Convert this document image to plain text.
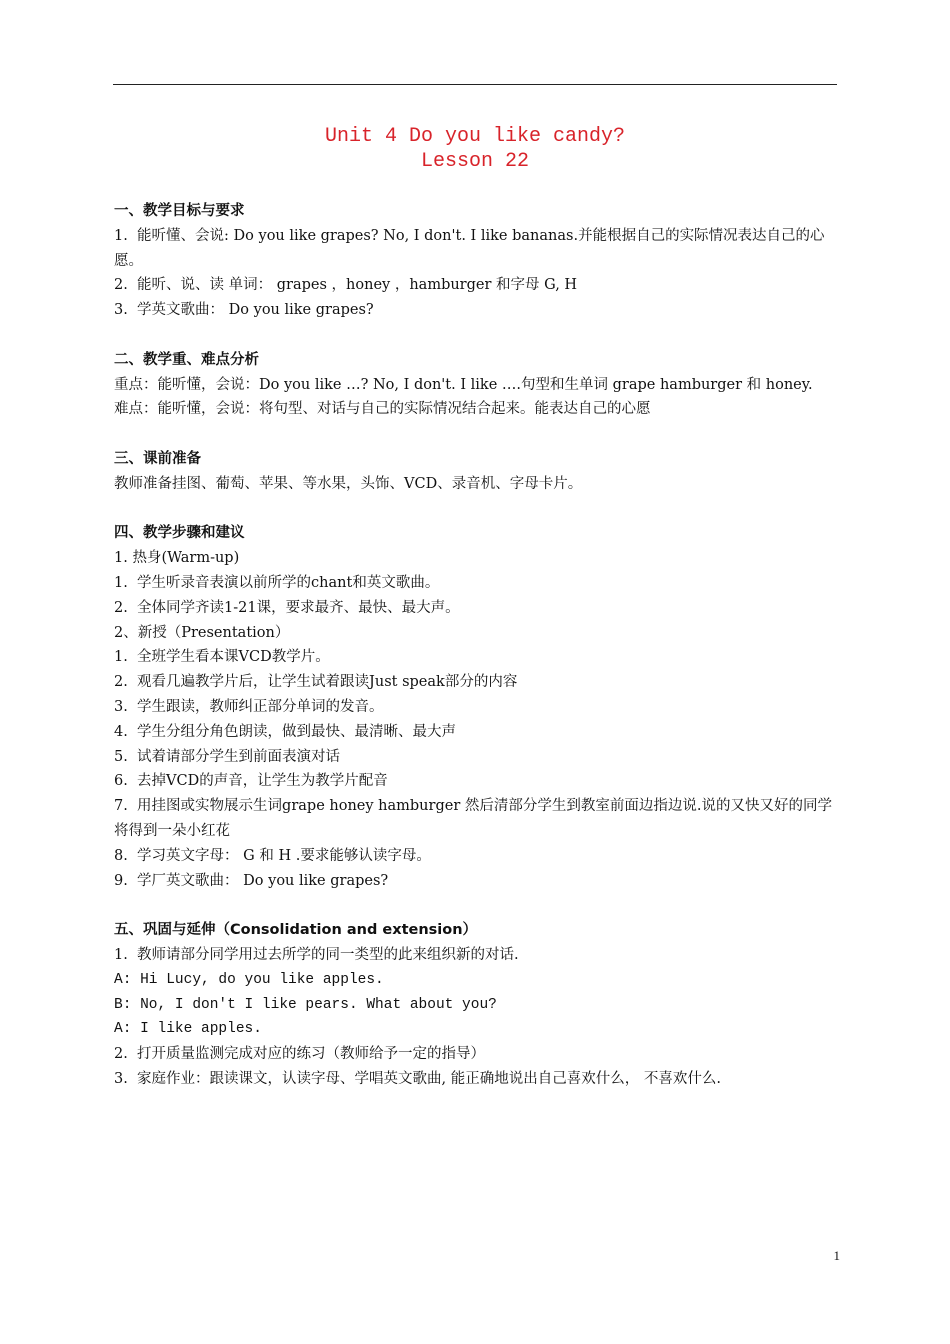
Unit 4 Do you like candy?
Lesson 22
一、教学目标与要求
1.  能听懂、会说: Do you like grapes? No, I don't. I like bananas.并能根据自己的实际情况表达自己的心愿。
2.  能听、说、读 单词： grapes ，honey ，hamburger 和字母 G, H
3.  学英文歌曲： Do you like grapes?
二、教学重、难点分析
重点：能听懂，会说：Do you like …? No, I don't. I like ….句型和生单词 grape hamburger 和 honey.
难点：能听懂，会说：将句型、对话与自己的实际情况结合起来。能表达自己的心愿
三、课前准备
教师准备挂图、葡萄、苹果、等水果，头饰、VCD、录音机、字母卡片。
四、教学步骤和建议
1. 热身(Warm-up)
1.  学生听录音表演以前所学的chant和英文歌曲。
2.  全体同学齐读1-21课，要求最齐、最快、最大声。
2、新授（Presentation）
1.  全班学生看本课VCD教学片。
2.  观看几遍教学片后，让学生试着跟读Just speak部分的内容
3.  学生跟读，教师纠正部分单词的发音。
4.  学生分组分角色朗读，做到最快、最清晰、最大声
5.  试着请部分学生到前面表演对话
6.  去掉VCD的声音，让学生为教学片配音
7.  用挂图或实物展示生词grape honey hamburger 然后清部分学生到教室前面边指边说.说的又快又好的同学将得到一朵小红花
8.  学习英文字母： G 和 H .要求能够认读字母。
9.  学厂英文歌曲： Do you like grapes?
五、巩固与延伸（Consolidation and extension）
1.  教师请部分同学用过去所学的同一类型的此来组织新的对话.
A: Hi Lucy, do you like apples.
B: No, I don't I like pears. What about you?
A: I like apples.
2.  打开质量监测完成对应的练习（教师给予一定的指导）
3.  家庭作业：跟读课文，认读字母、学唱英文歌曲, 能正确地说出自己喜欢什么， 不喜欢什么.
1
